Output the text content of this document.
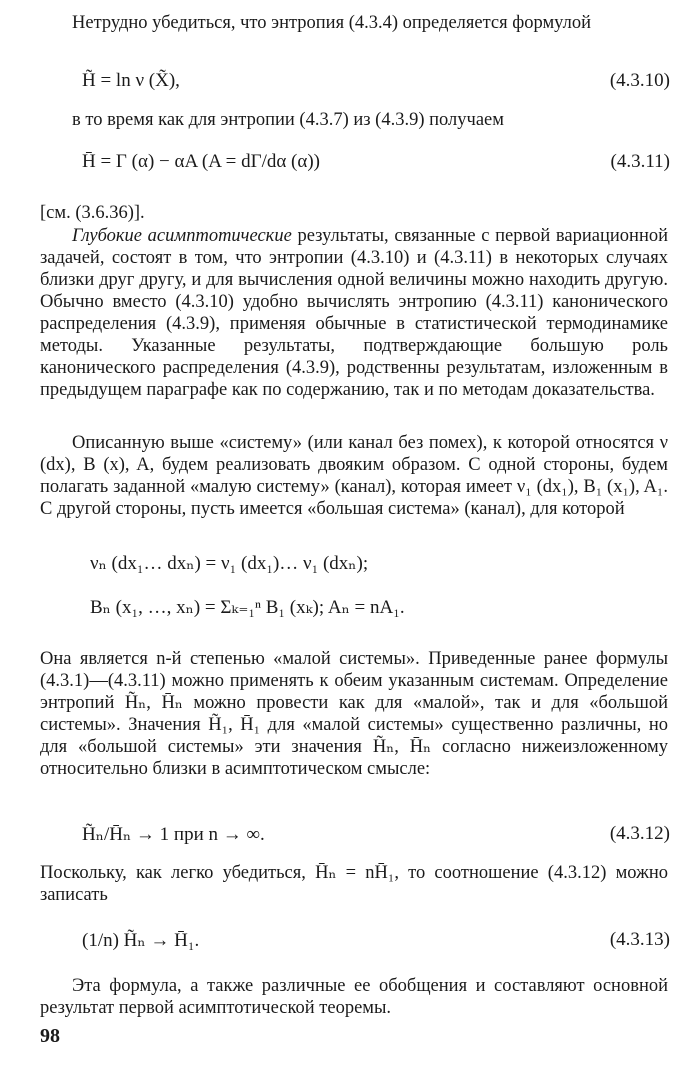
Нетрудно убедиться, что энтропия (4.3.4) определяется формулой

H̃ = ln ν (X̃),	(4.3.10)

в то время как для энтропии (4.3.7) из (4.3.9) получаем

H̄ = Γ (α) − αA (A = dΓ/dα (α))	(4.3.11)

[см. (3.6.36)].

Глубокие асимптотические результаты, связанные с первой вариационной задачей, состоят в том, что энтропии (4.3.10) и (4.3.11) в некоторых случаях близки друг другу, и для вычисления одной величины можно находить другую. Обычно вместо (4.3.10) удобно вычислять энтропию (4.3.11) канонического распределения (4.3.9), применяя обычные в статистической термодинамике методы. Указанные результаты, подтверждающие большую роль канонического распределения (4.3.9), родственны результатам, изложенным в предыдущем параграфе как по содержанию, так и по методам доказательства.

Описанную выше «систему» (или канал без помех), к которой относятся ν (dx), B (x), A, будем реализовать двояким образом. С одной стороны, будем полагать заданной «малую систему» (канал), которая имеет ν₁ (dx₁), B₁ (x₁), A₁. С другой стороны, пусть имеется «большая система» (канал), для которой

νₙ (dx₁… dxₙ) = ν₁ (dx₁)… ν₁ (dxₙ);
Bₙ (x₁, …, xₙ) = Σₖ₌₁ⁿ B₁ (xₖ); Aₙ = nA₁.

Она является n-й степенью «малой системы». Приведенные ранее формулы (4.3.1)—(4.3.11) можно применять к обеим указанным системам. Определение энтропий H̃ₙ, H̄ₙ можно провести как для «малой», так и для «большой системы». Значения H̃₁, H̄₁ для «малой системы» существенно различны, но для «большой системы» эти значения H̃ₙ, H̄ₙ согласно нижеизложенному относительно близки в асимптотическом смысле:

H̃ₙ/H̄ₙ → 1 при n → ∞.	(4.3.12)

Поскольку, как легко убедиться, H̄ₙ = nH̄₁, то соотношение (4.3.12) можно записать

(1/n) H̃ₙ → H̄₁.	(4.3.13)

Эта формула, а также различные ее обобщения и составляют основной результат первой асимптотической теоремы.

98
